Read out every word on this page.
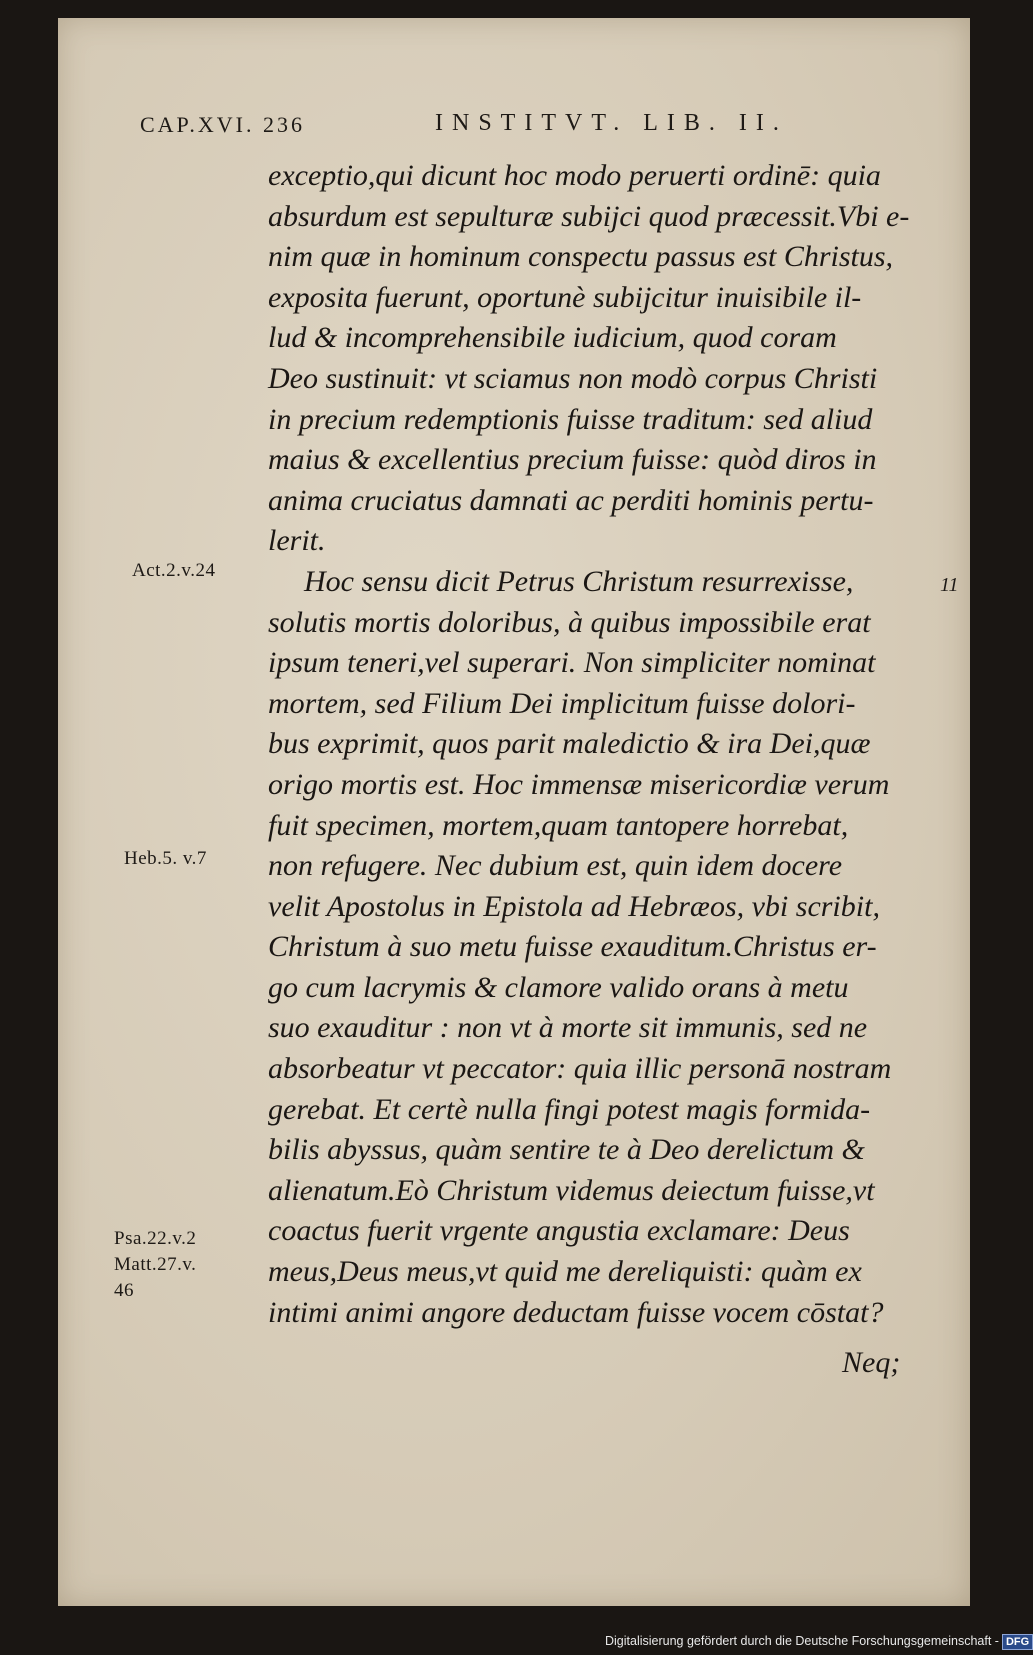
CAP.XVI. 236	INSTITVT. LIB. II.
exceptio,qui dicunt hoc modo peruerti ordinē: quia
absurdum est sepulturæ subijci quod præcessit.Vbi e-
nim quæ in hominum conspectu passus est Christus,
exposita fuerunt, oportunè subijcitur inuisibile il-
lud & incomprehensibile iudicium, quod coram
Deo sustinuit: vt sciamus non modò corpus Christi
in precium redemptionis fuisse traditum: sed aliud
maius & excellentius precium fuisse: quòd diros in
anima cruciatus damnati ac perditi hominis pertu-
lerit.
Hoc sensu dicit Petrus Christum resurrexisse,
solutis mortis doloribus, à quibus impossibile erat
ipsum teneri,vel superari. Non simpliciter nominat
mortem, sed Filium Dei implicitum fuisse dolori-
bus exprimit, quos parit maledictio & ira Dei,quæ
origo mortis est. Hoc immensæ misericordiæ verum
fuit specimen, mortem,quam tantopere horrebat,
non refugere. Nec dubium est, quin idem docere
velit Apostolus in Epistola ad Hebræos, vbi scribit,
Christum à suo metu fuisse exauditum.Christus er-
go cum lacrymis & clamore valido orans à metu
suo exauditur : non vt à morte sit immunis, sed ne
absorbeatur vt peccator: quia illic personā nostram
gerebat. Et certè nulla fingi potest magis formida-
bilis abyssus, quàm sentire te à Deo derelictum &
alienatum.Eò Christum videmus deiectum fuisse,vt
coactus fuerit vrgente angustia exclamare: Deus
meus,Deus meus,vt quid me dereliquisti: quàm ex
intimi animi angore deductam fuisse vocem cōstat?
Act.2.v.24
11
Heb.5. v.7
Psa.22.v.2
Matt.27.v.
46
Neq;
Digitalisierung gefördert durch die Deutsche Forschungsgemeinschaft - DFG
